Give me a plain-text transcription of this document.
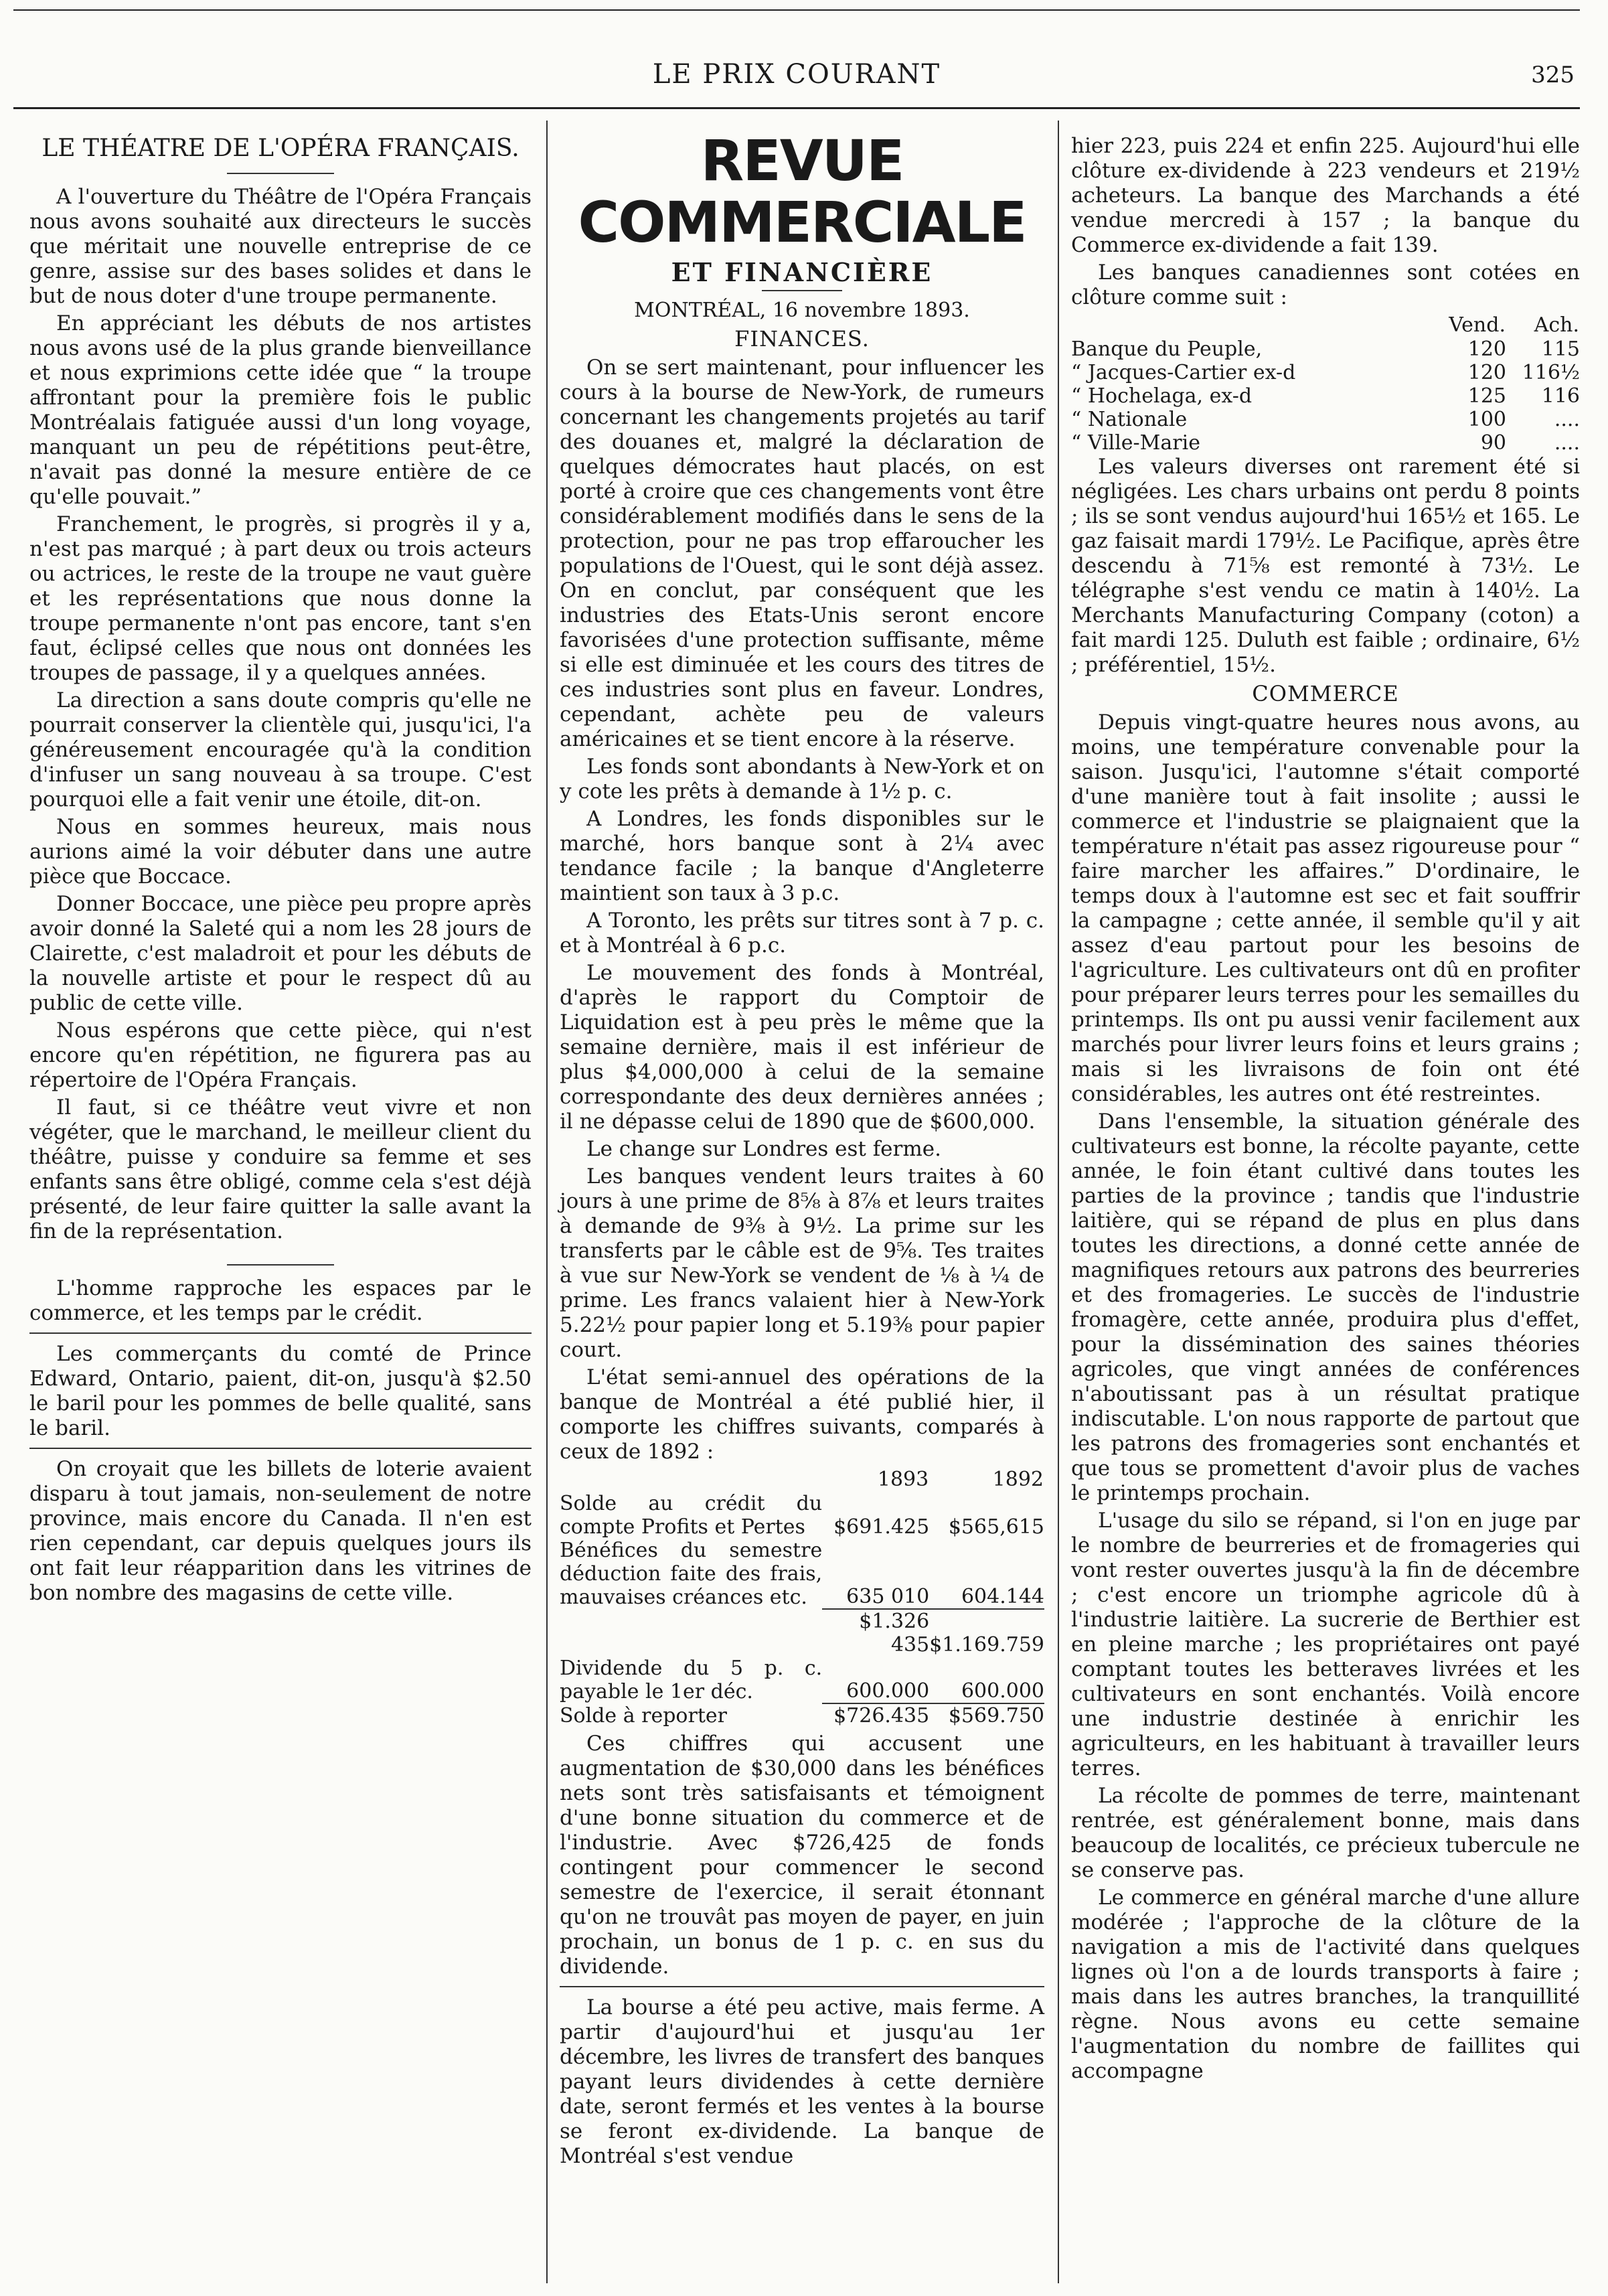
LE PRIX COURANT	325
LE THÉATRE DE L'OPÉRA FRANÇAIS.

A l'ouverture du Théâtre de l'Opéra Français nous avons souhaité aux directeurs le succès que méritait une nouvelle entreprise de ce genre, assise sur des bases solides et dans le but de nous doter d'une troupe permanente.

En appréciant les débuts de nos artistes nous avons usé de la plus grande bienveillance et nous exprimions cette idée que “ la troupe affrontant pour la première fois le public Montréalais fatiguée aussi d'un long voyage, manquant un peu de répétitions peut-être, n'avait pas donné la mesure entière de ce qu'elle pouvait.”

Franchement, le progrès, si progrès il y a, n'est pas marqué ; à part deux ou trois acteurs ou actrices, le reste de la troupe ne vaut guère et les représentations que nous donne la troupe permanente n'ont pas encore, tant s'en faut, éclipsé celles que nous ont données les troupes de passage, il y a quelques années.

La direction a sans doute compris qu'elle ne pourrait conserver la clientèle qui, jusqu'ici, l'a généreusement encouragée qu'à la condition d'infuser un sang nouveau à sa troupe. C'est pourquoi elle a fait venir une étoile, dit-on.

Nous en sommes heureux, mais nous aurions aimé la voir débuter dans une autre pièce que Boccace.

Donner Boccace, une pièce peu propre après avoir donné la Saleté qui a nom les 28 jours de Clairette, c'est maladroit et pour les débuts de la nouvelle artiste et pour le respect dû au public de cette ville.

Nous espérons que cette pièce, qui n'est encore qu'en répétition, ne figurera pas au répertoire de l'Opéra Français.

Il faut, si ce théâtre veut vivre et non végéter, que le marchand, le meilleur client du théâtre, puisse y conduire sa femme et ses enfants sans être obligé, comme cela s'est déjà présenté, de leur faire quitter la salle avant la fin de la représentation.

L'homme rapproche les espaces par le commerce, et les temps par le crédit.

Les commerçants du comté de Prince Edward, Ontario, paient, dit-on, jusqu'à $2.50 le baril pour les pommes de belle qualité, sans le baril.

On croyait que les billets de loterie avaient disparu à tout jamais, non-seulement de notre province, mais encore du Canada. Il n'en est rien cependant, car depuis quelques jours ils ont fait leur réapparition dans les vitrines de bon nombre des magasins de cette ville.

REVUE COMMERCIALE
ET FINANCIÈRE
MONTRÉAL, 16 novembre 1893.
FINANCES.

On se sert maintenant, pour influencer les cours à la bourse de New-York, de rumeurs concernant les changements projetés au tarif des douanes et, malgré la déclaration de quelques démocrates haut placés, on est porté à croire que ces changements vont être considérablement modifiés dans le sens de la protection, pour ne pas trop effaroucher les populations de l'Ouest, qui le sont déjà assez. On en conclut, par conséquent que les industries des Etats-Unis seront encore favorisées d'une protection suffisante, même si elle est diminuée et les cours des titres de ces industries sont plus en faveur. Londres, cependant, achète peu de valeurs américaines et se tient encore à la réserve.

Les fonds sont abondants à New-York et on y cote les prêts à demande à 1½ p. c.

A Londres, les fonds disponibles sur le marché, hors banque sont à 2¼ avec tendance facile ; la banque d'Angleterre maintient son taux à 3 p.c.

A Toronto, les prêts sur titres sont à 7 p. c. et à Montréal à 6 p.c.

Le mouvement des fonds à Montréal, d'après le rapport du Comptoir de Liquidation est à peu près le même que la semaine dernière, mais il est inférieur de plus $4,000,000 à celui de la semaine correspondante des deux dernières années ; il ne dépasse celui de 1890 que de $600,000.

Le change sur Londres est ferme.

Les banques vendent leurs traites à 60 jours à une prime de 8⅝ à 8⅞ et leurs traites à demande de 9⅜ à 9½. La prime sur les transferts par le câble est de 9⅝. Tes traites à vue sur New-York se vendent de ⅛ à ¼ de prime. Les francs valaient hier à New-York 5.22½ pour papier long et 5.19⅜ pour papier court.

L'état semi-annuel des opérations de la banque de Montréal a été publié hier, il comporte les chiffres suivants, comparés à ceux de 1892 :

	1893	1892
Solde au crédit du compte Profits et Pertes	$691.425	$565,615
Bénéfices du semestre déduction faite des frais, mauvaises créances etc.	635 010	604.144
	$1.326 435	$1.169.759
Dividende du 5 p. c. payable le 1er déc.	600.000	600.000
Solde à reporter	$726.435	$569.750

Ces chiffres qui accusent une augmentation de $30,000 dans les bénéfices nets sont très satisfaisants et témoignent d'une bonne situation du commerce et de l'industrie. Avec $726,425 de fonds contingent pour commencer le second semestre de l'exercice, il serait étonnant qu'on ne trouvât pas moyen de payer, en juin prochain, un bonus de 1 p. c. en sus du dividende.

La bourse a été peu active, mais ferme. A partir d'aujourd'hui et jusqu'au 1er décembre, les livres de transfert des banques payant leurs dividendes à cette dernière date, seront fermés et les ventes à la bourse se feront ex-dividende. La banque de Montréal s'est vendue

hier 223, puis 224 et enfin 225. Aujourd'hui elle clôture ex-dividende à 223 vendeurs et 219½ acheteurs. La banque des Marchands a été vendue mercredi à 157 ; la banque du Commerce ex-dividende a fait 139.

Les banques canadiennes sont cotées en clôture comme suit :

	Vend.	Ach.
Banque du Peuple,	120	115
“ Jacques-Cartier ex-d	120	116½
“ Hochelaga, ex-d	125	116
“ Nationale	100	....
“ Ville-Marie	90	....

Les valeurs diverses ont rarement été si négligées. Les chars urbains ont perdu 8 points ; ils se sont vendus aujourd'hui 165½ et 165. Le gaz faisait mardi 179½. Le Pacifique, après être descendu à 71⅝ est remonté à 73½. Le télégraphe s'est vendu ce matin à 140½. La Merchants Manufacturing Company (coton) a fait mardi 125. Duluth est faible ; ordinaire, 6½ ; préférentiel, 15½.

COMMERCE

Depuis vingt-quatre heures nous avons, au moins, une température convenable pour la saison. Jusqu'ici, l'automne s'était comporté d'une manière tout à fait insolite ; aussi le commerce et l'industrie se plaignaient que la température n'était pas assez rigoureuse pour “ faire marcher les affaires.” D'ordinaire, le temps doux à l'automne est sec et fait souffrir la campagne ; cette année, il semble qu'il y ait assez d'eau partout pour les besoins de l'agriculture. Les cultivateurs ont dû en profiter pour préparer leurs terres pour les semailles du printemps. Ils ont pu aussi venir facilement aux marchés pour livrer leurs foins et leurs grains ; mais si les livraisons de foin ont été considérables, les autres ont été restreintes.

Dans l'ensemble, la situation générale des cultivateurs est bonne, la récolte payante, cette année, le foin étant cultivé dans toutes les parties de la province ; tandis que l'industrie laitière, qui se répand de plus en plus dans toutes les directions, a donné cette année de magnifiques retours aux patrons des beurreries et des fromageries. Le succès de l'industrie fromagère, cette année, produira plus d'effet, pour la dissémination des saines théories agricoles, que vingt années de conférences n'aboutissant pas à un résultat pratique indiscutable. L'on nous rapporte de partout que les patrons des fromageries sont enchantés et que tous se promettent d'avoir plus de vaches le printemps prochain.

L'usage du silo se répand, si l'on en juge par le nombre de beurreries et de fromageries qui vont rester ouvertes jusqu'à la fin de décembre ; c'est encore un triomphe agricole dû à l'industrie laitière. La sucrerie de Berthier est en pleine marche ; les propriétaires ont payé comptant toutes les betteraves livrées et les cultivateurs en sont enchantés. Voilà encore une industrie destinée à enrichir les agriculteurs, en les habituant à travailler leurs terres.

La récolte de pommes de terre, maintenant rentrée, est généralement bonne, mais dans beaucoup de localités, ce précieux tubercule ne se conserve pas.

Le commerce en général marche d'une allure modérée ; l'approche de la clôture de la navigation a mis de l'activité dans quelques lignes où l'on a de lourds transports à faire ; mais dans les autres branches, la tranquillité règne. Nous avons eu cette semaine l'augmentation du nombre de faillites qui accompagne
